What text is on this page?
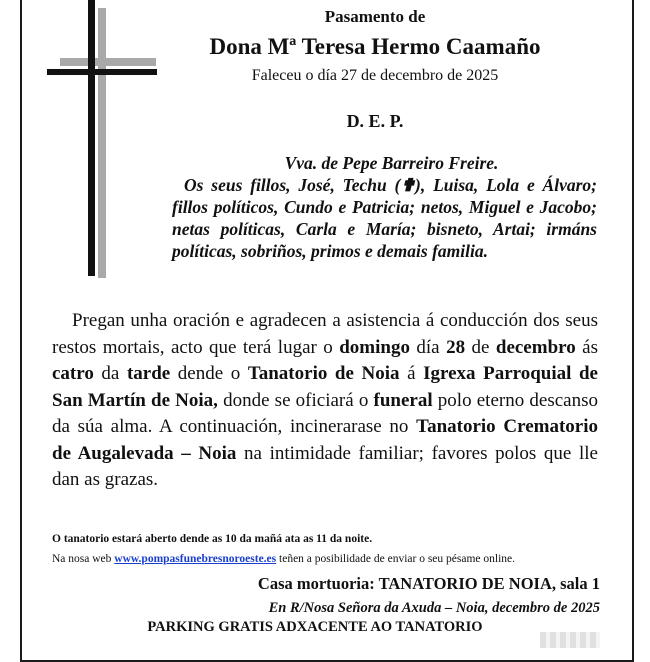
Pasamento de
Dona Mª Teresa Hermo Caamaño
Faleceu o día 27 de decembro de 2025
D. E. P.

Vva. de Pepe Barreiro Freire.

Os seus fillos, José, Techu (✟), Luisa, Lola e Álvaro; fillos políticos, Cundo e Patricia; netos, Miguel e Jacobo; netas políticas, Carla e María; bisneto, Artai; irmáns políticas, sobriños, primos e demais familia.

Pregan unha oración e agradecen a asistencia á conducción dos seus restos mortais, acto que terá lugar o domingo día 28 de decembro ás catro da tarde dende o Tanatorio de Noia á Igrexa Parroquial de San Martín de Noia, donde se oficiará o funeral polo eterno descanso da súa alma. A continuación, incinerarase no Tanatorio Crematorio de Augalevada – Noia na intimidade familiar; favores polos que lle dan as grazas.

O tanatorio estará aberto dende as 10 da mañá ata as 11 da noite.
Na nosa web www.pompasfunebresnoroeste.es teñen a posibilidade de enviar o seu pésame online.
Casa mortuoria: TANATORIO DE NOIA, sala 1
En R/Nosa Señora da Axuda – Noia, decembro de 2025
PARKING GRATIS ADXACENTE AO TANATORIO
